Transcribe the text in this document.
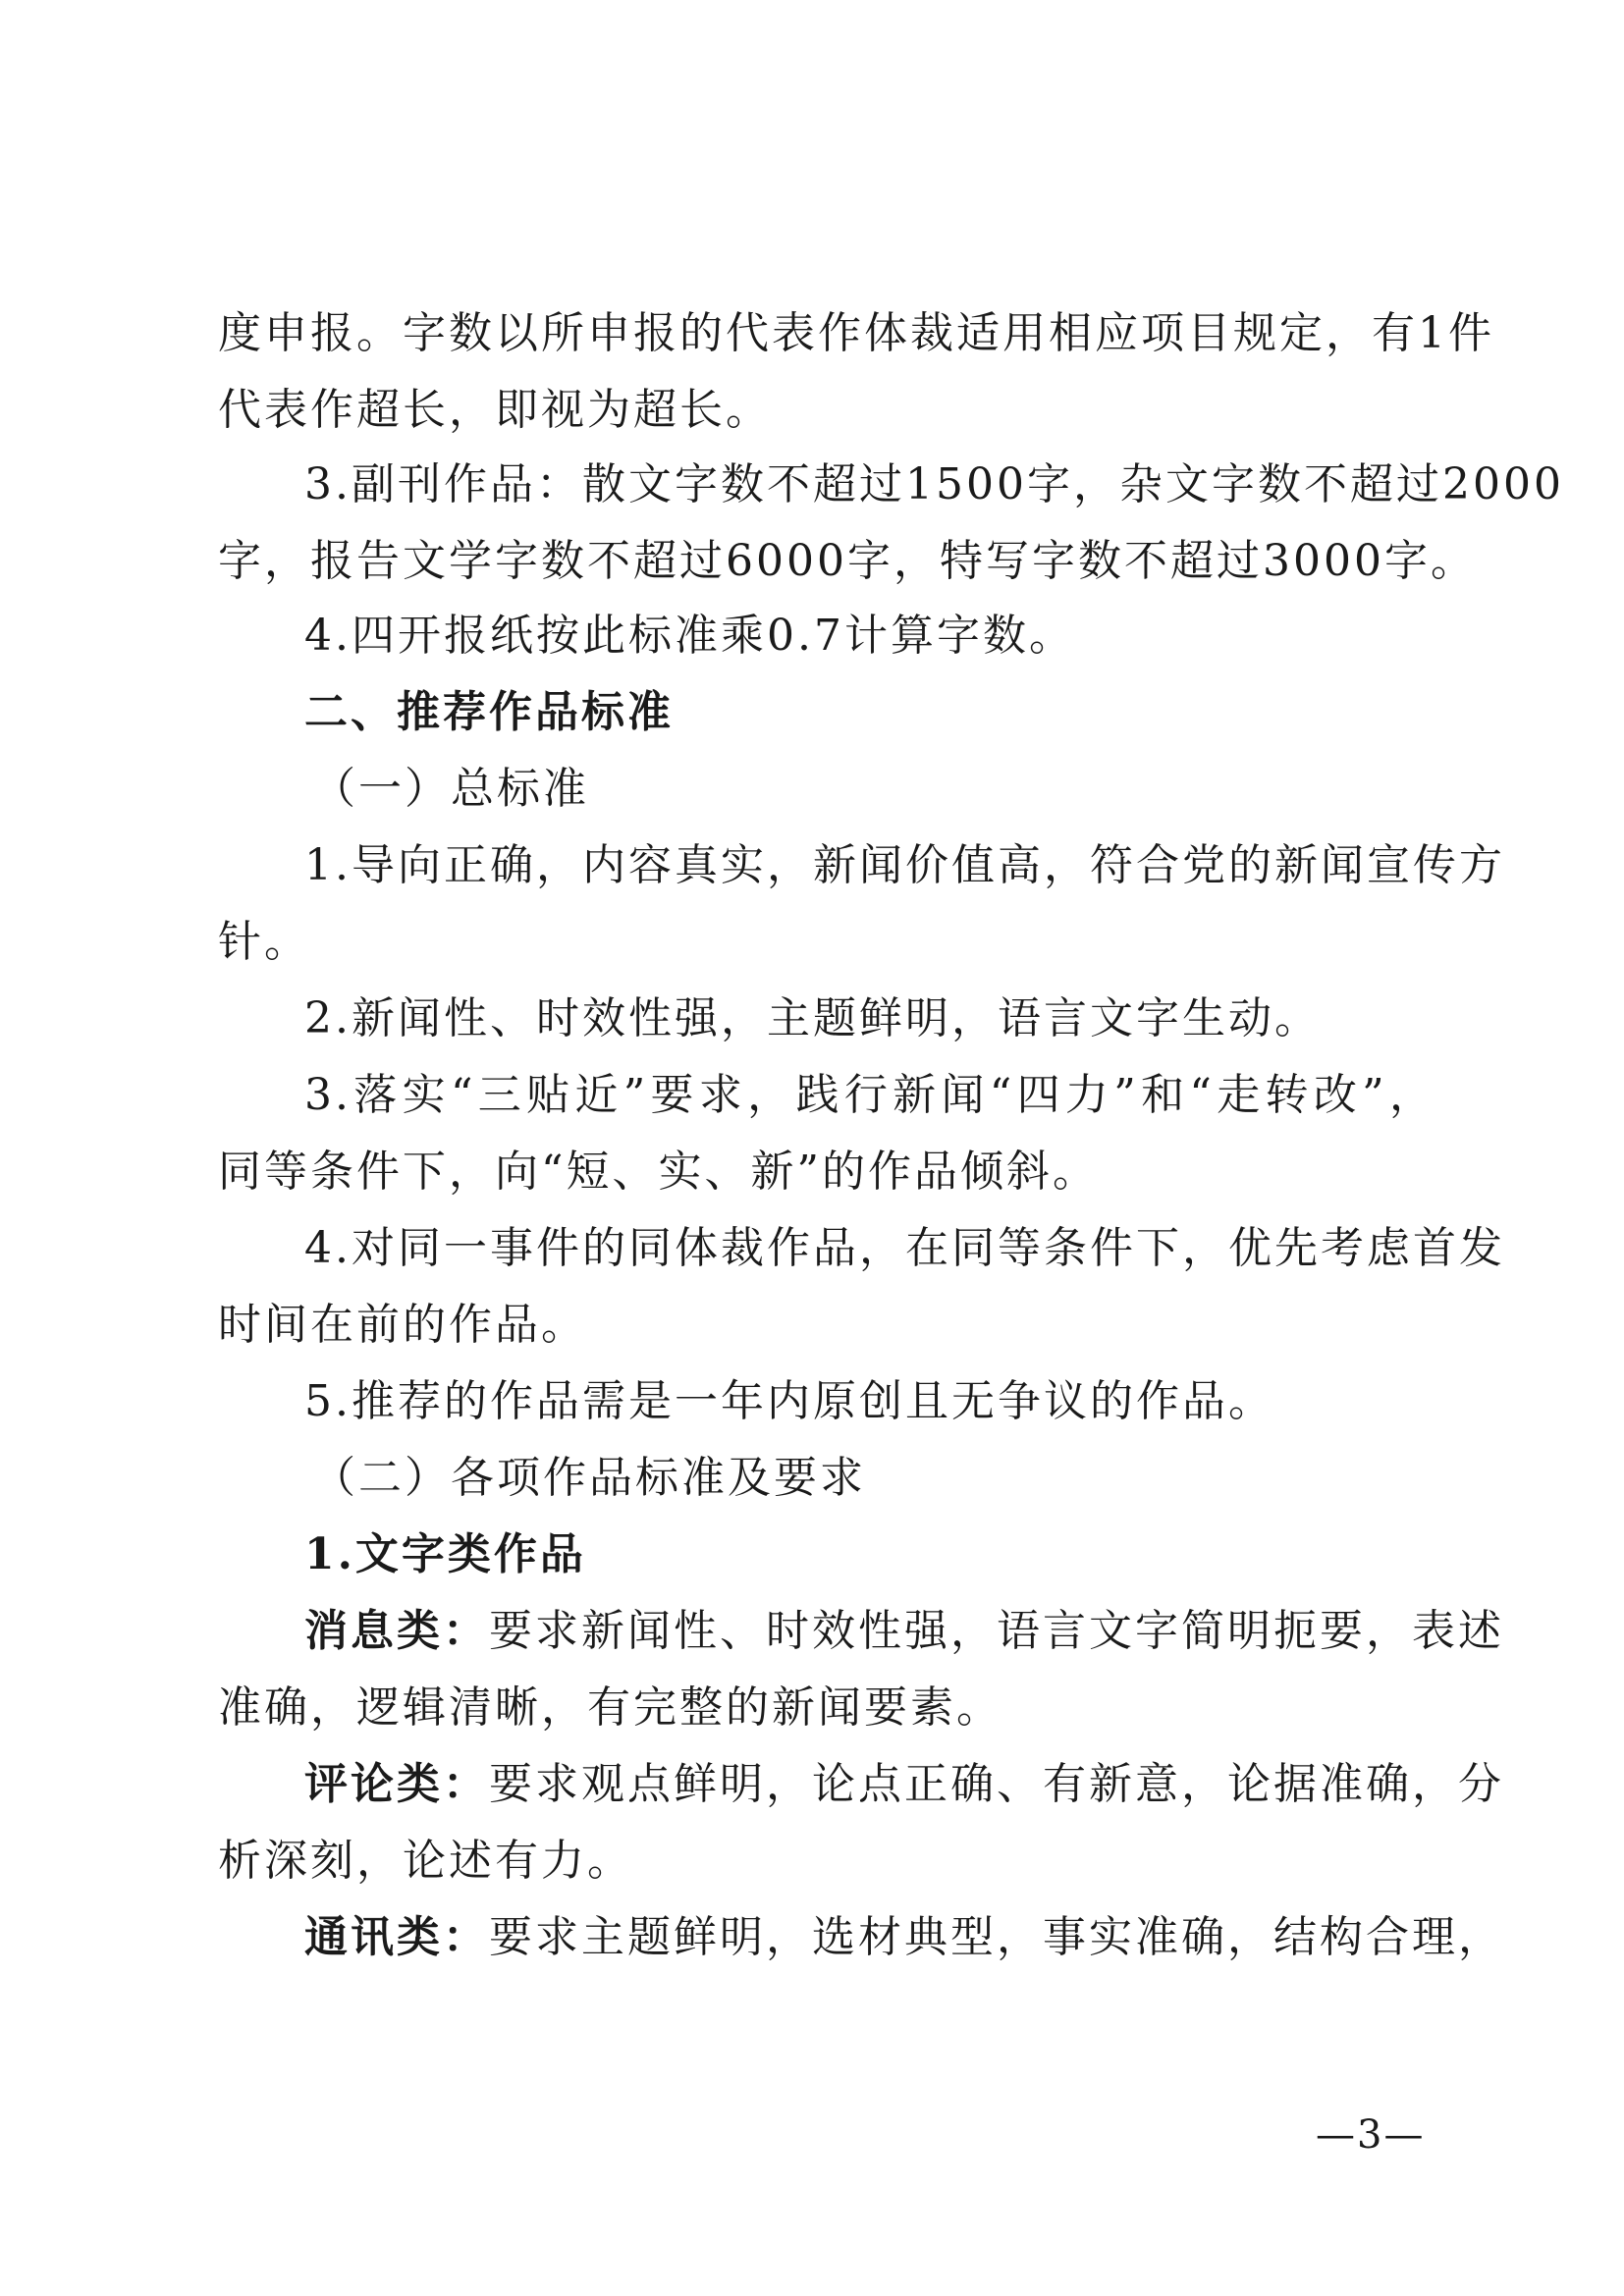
度申报。字数以所申报的代表作体裁适用相应项目规定，有1件
代表作超长，即视为超长。
3.副刊作品：散文字数不超过1500字，杂文字数不超过2000
字，报告文学字数不超过6000字，特写字数不超过3000字。
4.四开报纸按此标准乘0.7计算字数。
二、推荐作品标准
（一）总标准
1.导向正确，内容真实，新闻价值高，符合党的新闻宣传方
针。
2.新闻性、时效性强，主题鲜明，语言文字生动。
3.落实“三贴近”要求，践行新闻“四力”和“走转改”，
同等条件下，向“短、实、新”的作品倾斜。
4.对同一事件的同体裁作品，在同等条件下，优先考虑首发
时间在前的作品。
5.推荐的作品需是一年内原创且无争议的作品。
（二）各项作品标准及要求
1.文字类作品
消息类：要求新闻性、时效性强，语言文字简明扼要，表述
准确，逻辑清晰，有完整的新闻要素。
评论类：要求观点鲜明，论点正确、有新意，论据准确，分
析深刻，论述有力。
通讯类：要求主题鲜明，选材典型，事实准确，结构合理，
—3—
